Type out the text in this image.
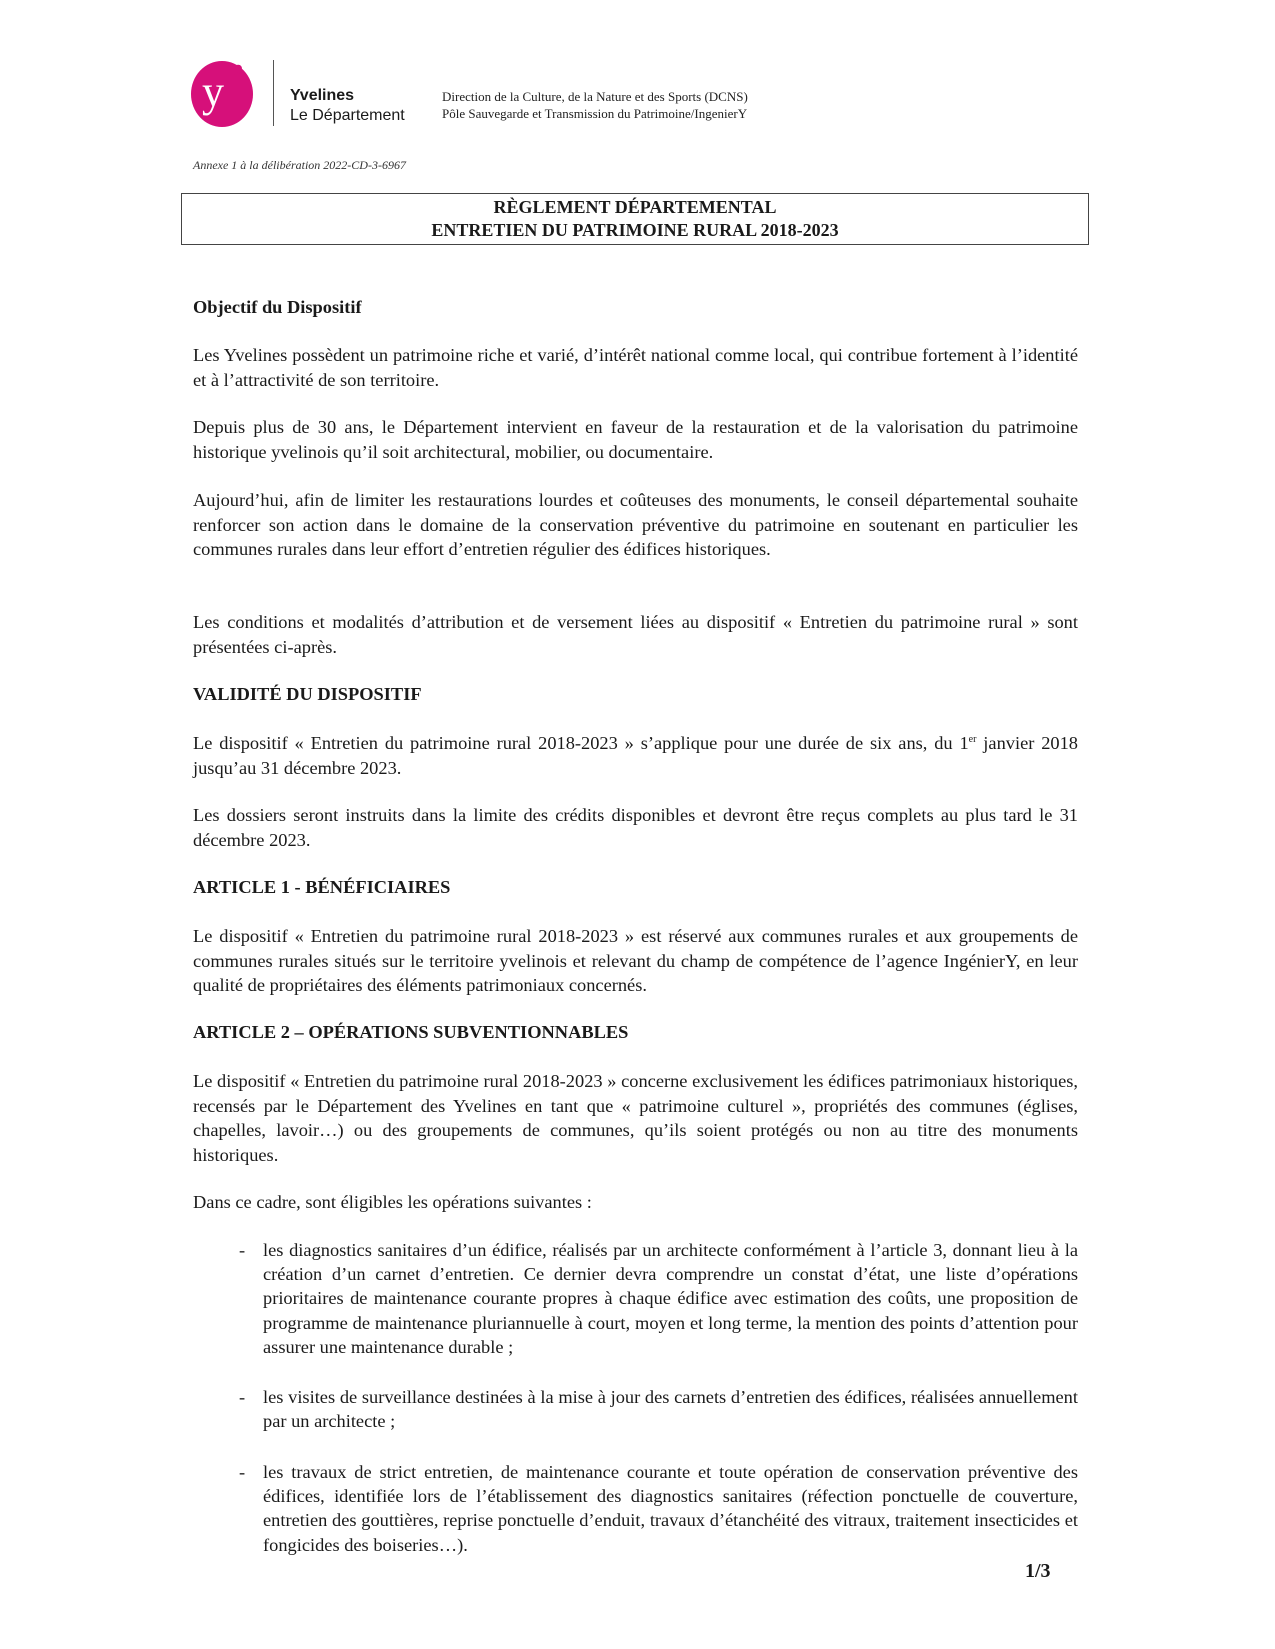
y ’	Yvelines
Le Département
Direction de la Culture, de la Nature et des Sports (DCNS)
Pôle Sauvegarde et Transmission du Patrimoine/IngenierY
Annexe 1 à la délibération 2022-CD-3-6967
RÈGLEMENT DÉPARTEMENTAL
ENTRETIEN DU PATRIMOINE RURAL 2018-2023
Objectif du Dispositif

Les Yvelines possèdent un patrimoine riche et varié, d’intérêt national comme local, qui contribue fortement à l’identité et à l’attractivité de son territoire.

Depuis plus de 30 ans, le Département intervient en faveur de la restauration et de la valorisation du patrimoine historique yvelinois qu’il soit architectural, mobilier, ou documentaire.

Aujourd’hui, afin de limiter les restaurations lourdes et coûteuses des monuments, le conseil départemental souhaite renforcer son action dans le domaine de la conservation préventive du patrimoine en soutenant en particulier les communes rurales dans leur effort d’entretien régulier des édifices historiques.

Les conditions et modalités d’attribution et de versement liées au dispositif « Entretien du patrimoine rural » sont présentées ci-après.

VALIDITÉ DU DISPOSITIF

Le dispositif « Entretien du patrimoine rural 2018-2023 » s’applique pour une durée de six ans, du 1er janvier 2018 jusqu’au 31 décembre 2023.

Les dossiers seront instruits dans la limite des crédits disponibles et devront être reçus complets au plus tard le 31 décembre 2023.

ARTICLE 1 - BÉNÉFICIAIRES

Le dispositif « Entretien du patrimoine rural 2018-2023 » est réservé aux communes rurales et aux groupements de communes rurales situés sur le territoire yvelinois et relevant du champ de compétence de l’agence IngénierY, en leur qualité de propriétaires des éléments patrimoniaux concernés.

ARTICLE 2 – OPÉRATIONS SUBVENTIONNABLES

Le dispositif « Entretien du patrimoine rural 2018-2023 » concerne exclusivement les édifices patrimoniaux historiques, recensés par le Département des Yvelines en tant que « patrimoine culturel », propriétés des communes (églises, chapelles, lavoir…) ou des groupements de communes, qu’ils soient protégés ou non au titre des monuments historiques.

Dans ce cadre, sont éligibles les opérations suivantes :

- les diagnostics sanitaires d’un édifice, réalisés par un architecte conformément à l’article 3, donnant lieu à la création d’un carnet d’entretien. Ce dernier devra comprendre un constat d’état, une liste d’opérations prioritaires de maintenance courante propres à chaque édifice avec estimation des coûts, une proposition de programme de maintenance pluriannuelle à court, moyen et long terme, la mention des points d’attention pour assurer une maintenance durable ;
- les visites de surveillance destinées à la mise à jour des carnets d’entretien des édifices, réalisées annuellement par un architecte ;
- les travaux de strict entretien, de maintenance courante et toute opération de conservation préventive des édifices, identifiée lors de l’établissement des diagnostics sanitaires (réfection ponctuelle de couverture, entretien des gouttières, reprise ponctuelle d’enduit, travaux d’étanchéité des vitraux, traitement insecticides et fongicides des boiseries…).
1/3
